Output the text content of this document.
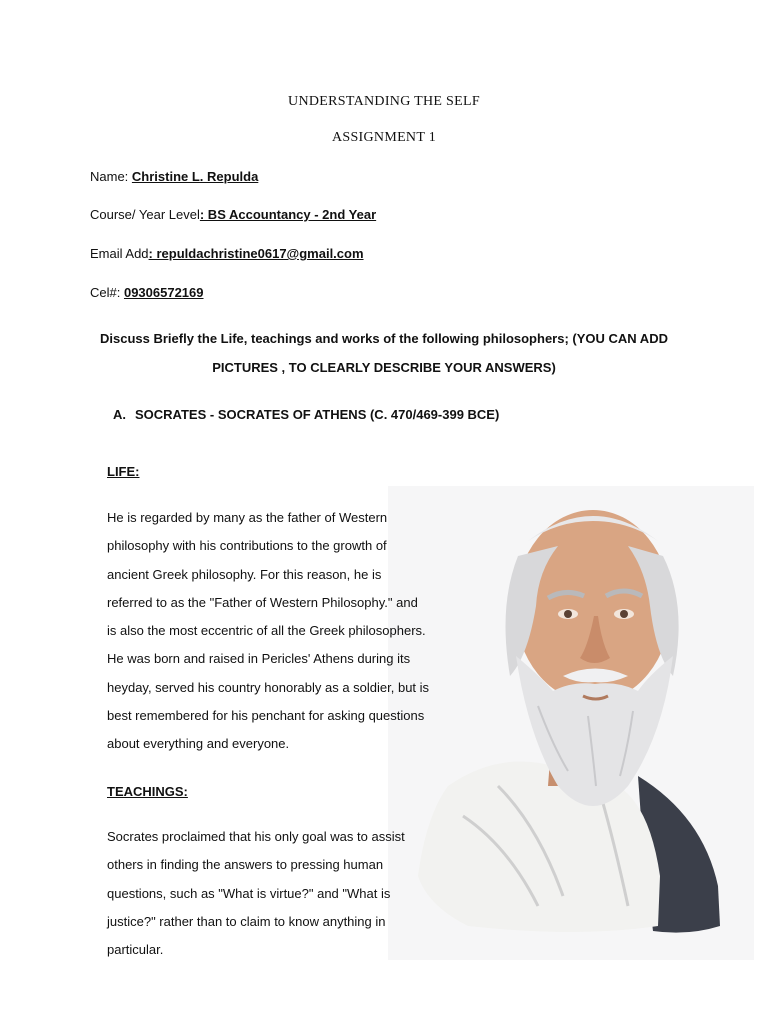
UNDERSTANDING THE SELF
ASSIGNMENT 1
Name: Christine L. Repulda
Course/ Year Level: BS Accountancy - 2nd Year
Email Add: repuldachristine0617@gmail.com
Cel#: 09306572169
Discuss Briefly the Life, teachings and works of the following philosophers; (YOU CAN ADD
PICTURES , TO CLEARLY DESCRIBE YOUR ANSWERS)
A. SOCRATES - SOCRATES OF ATHENS (C. 470/469-399 BCE)
LIFE:
He is regarded by many as the father of Western
philosophy with his contributions to the growth of
ancient Greek philosophy. For this reason, he is
referred to as the "Father of Western Philosophy." and
is also the most eccentric of all the Greek philosophers.
He was born and raised in Pericles' Athens during its
heyday, served his country honorably as a soldier, but is
best remembered for his penchant for asking questions
about everything and everyone.
TEACHINGS:
Socrates proclaimed that his only goal was to assist
others in finding the answers to pressing human
questions, such as "What is virtue?" and "What is
justice?" rather than to claim to know anything in
particular.
